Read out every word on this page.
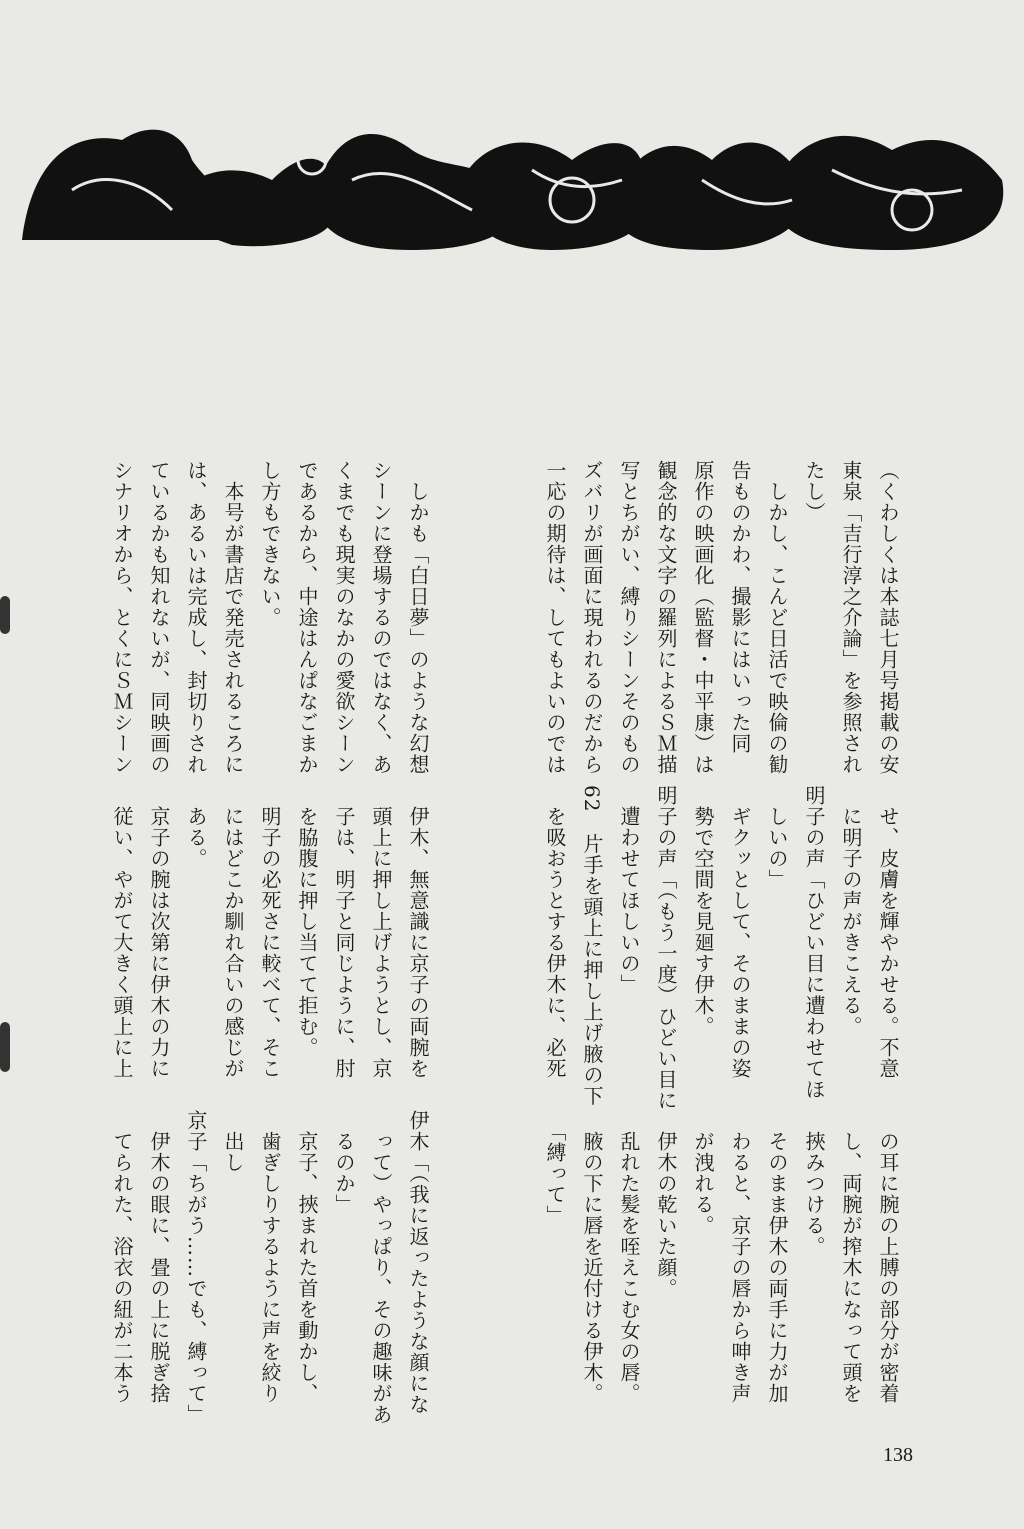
（くわしくは本誌七月号掲載の安
東泉「吉行淳之介論」を参照され
たし）
　しかし、こんど日活で映倫の勧
告ものかわ、撮影にはいった同
原作の映画化（監督・中平康）は
観念的な文字の羅列によるＳＭ描
写とちがい、縛りシーンそのもの
ズバリが画面に現われるのだから
一応の期待は、してもよいのでは

　しかも「白日夢」のような幻想
シーンに登場するのではなく、あ
くまでも現実のなかの愛欲シーン
であるから、中途はんぱなごまか
し方もできない。
　本号が書店で発売されるころに
は、あるいは完成し、封切りされ
ているかも知れないが、同映画の
シナリオから、とくにＳＭシーン

　せ、皮膚を輝やかせる。不意
　に明子の声がきこえる。
明子の声「ひどい目に遭わせてほ
　しいの」
　ギクッとして、そのままの姿
　勢で空間を見廻す伊木。
明子の声「（もう一度）ひどい目に
　遭わせてほしいの」
62　片手を頭上に押し上げ腋の下
　を吸おうとする伊木に、必死

　伊木、無意識に京子の両腕を
　頭上に押し上げようとし、京
　子は、明子と同じように、肘
　を脇腹に押し当てて拒む。
　明子の必死さに較べて、そこ
　にはどこか馴れ合いの感じが
　ある。
　京子の腕は次第に伊木の力に
　従い、やがて大きく頭上に上

　の耳に腕の上膊の部分が密着
　し、両腕が搾木になって頭を
　挾みつける。
　そのまま伊木の両手に力が加
　わると、京子の唇から呻き声
　が洩れる。
　伊木の乾いた顔。
　乱れた髪を咥えこむ女の唇。
　腋の下に唇を近付ける伊木。
　「縛って」

伊木「（我に返ったような顔にな
　って）やっぱり、その趣味があ
　るのか」
　京子、挾まれた首を動かし、
　歯ぎしりするように声を絞り
　出し
京子「ちがう……でも、縛って」
　伊木の眼に、畳の上に脱ぎ捨
　てられた、浴衣の紐が二本う

138
